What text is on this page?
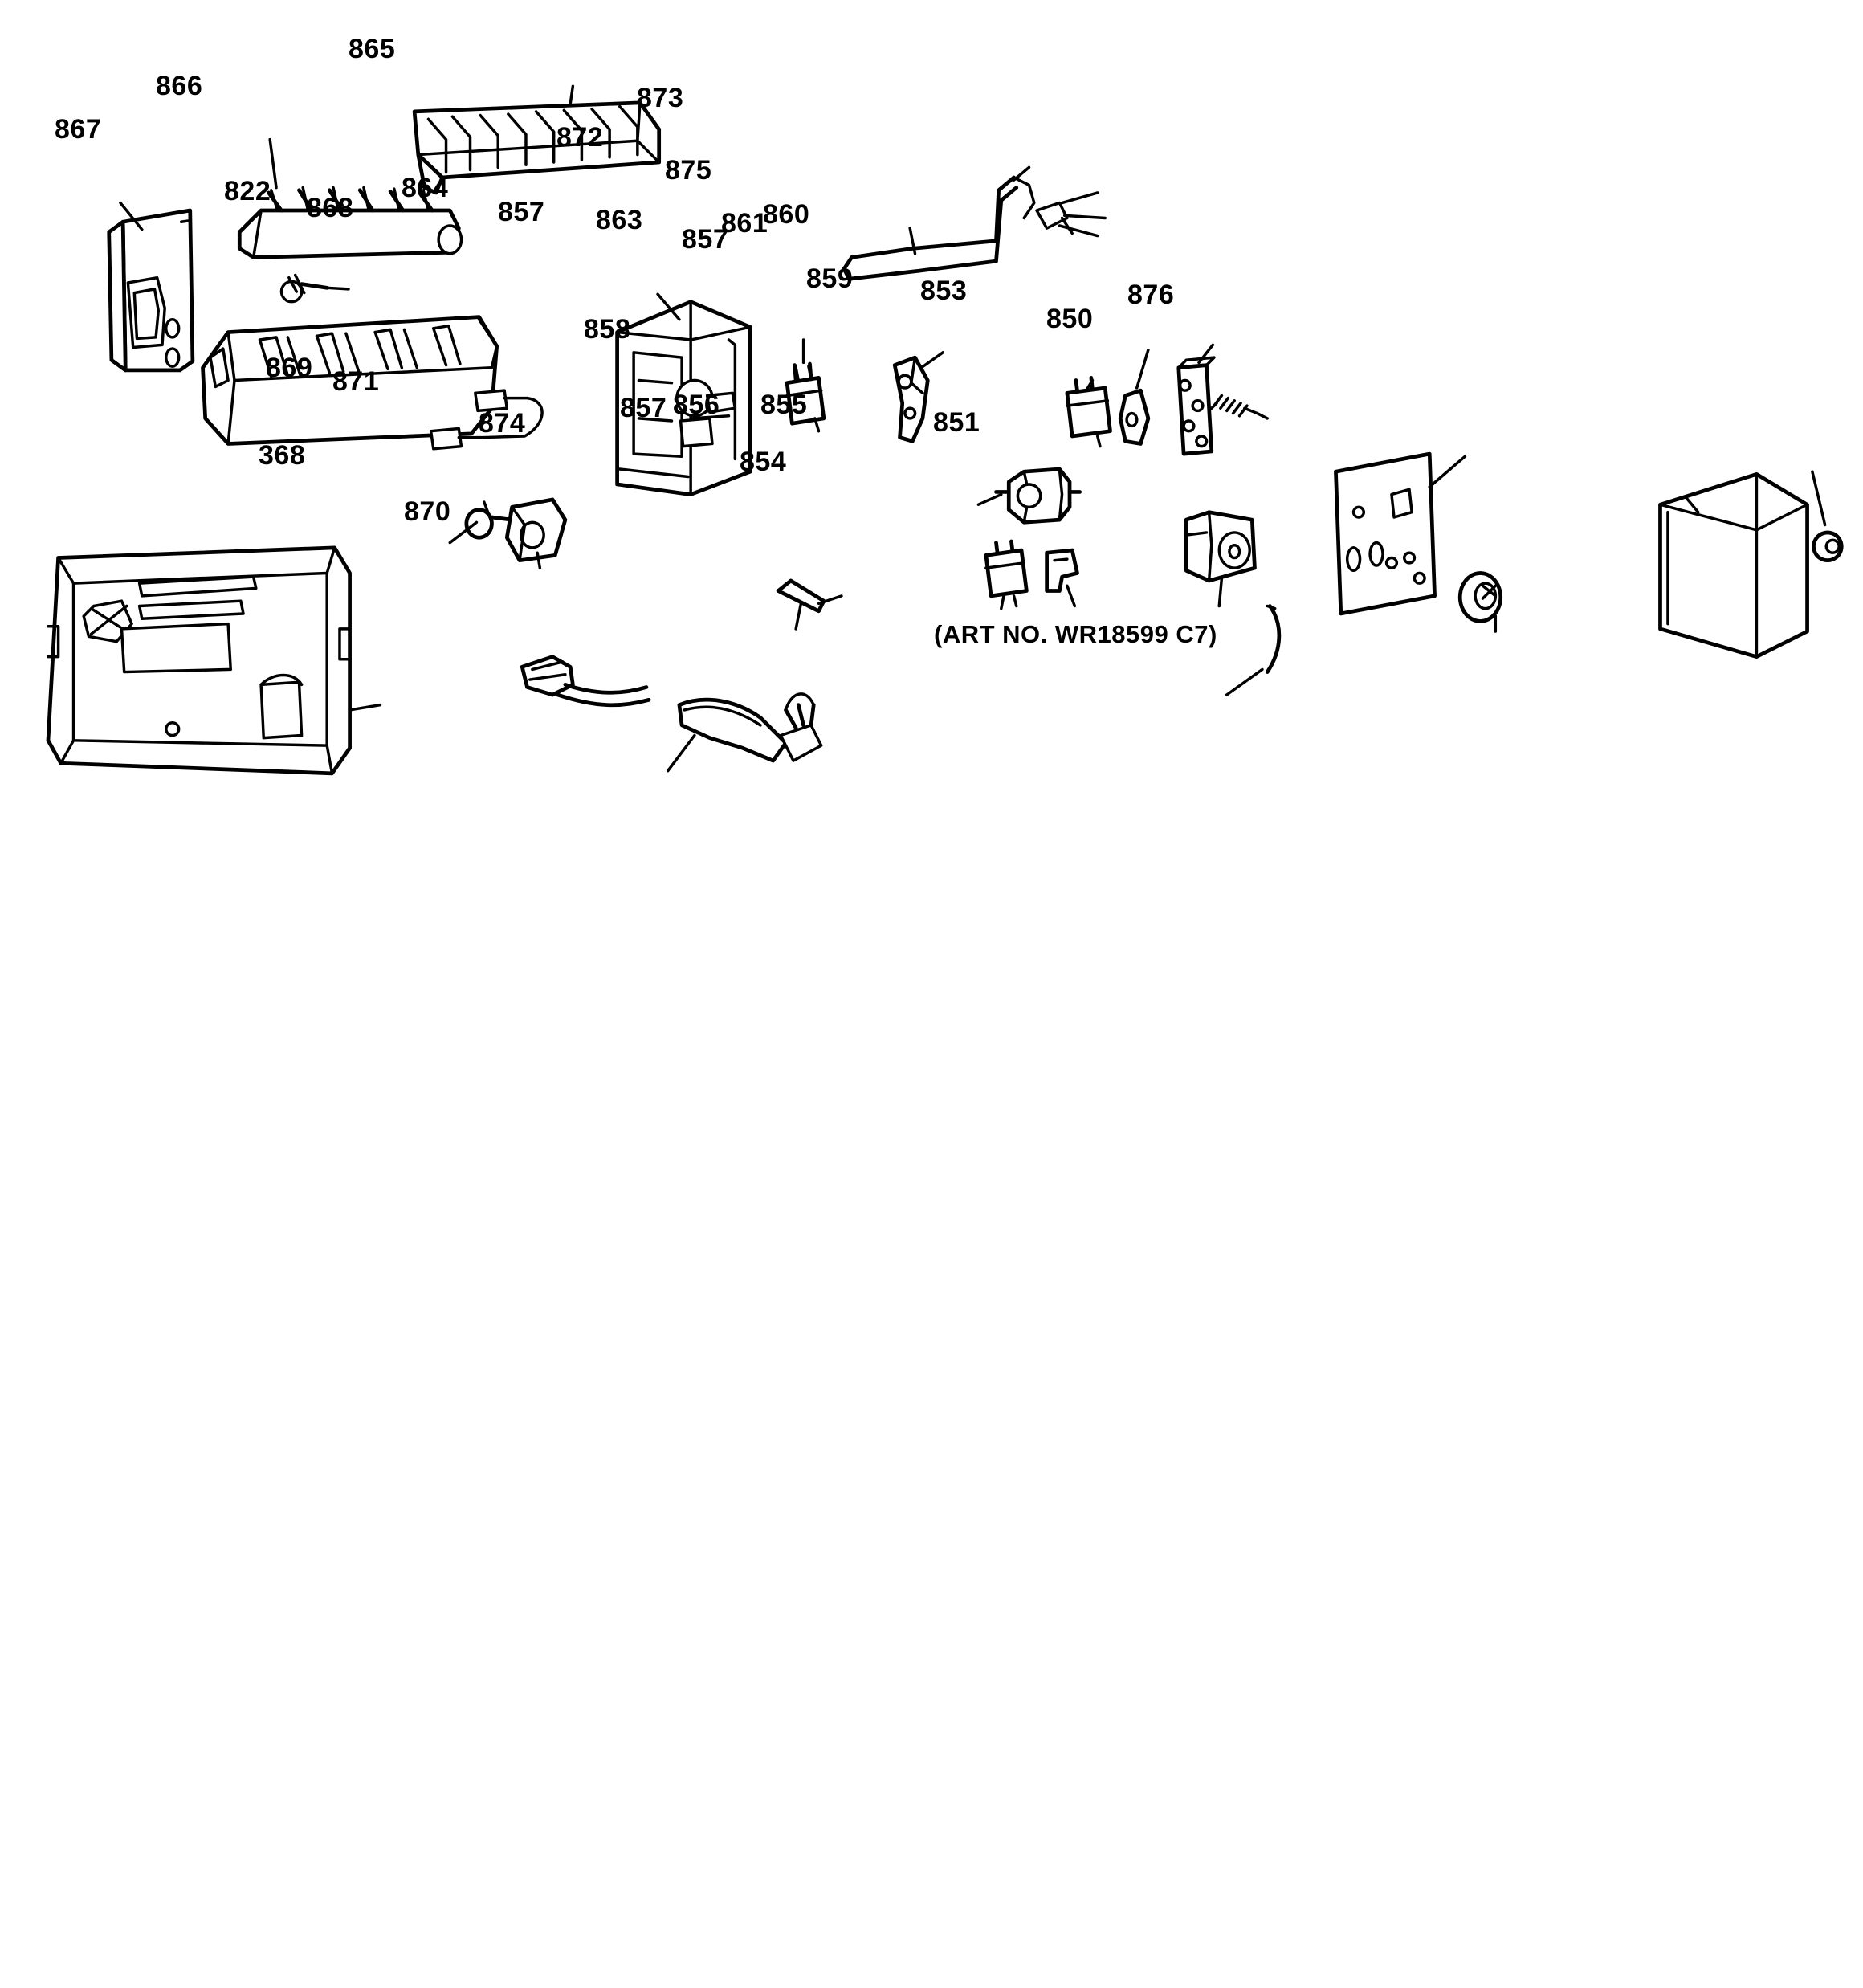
865
866	873
867	872
875
822
868
864
857 863
857
861
860
859 853	876
850
858
869 871
857 856 855
851
874
854
368
870
(ART NO. WR18599 C7)
